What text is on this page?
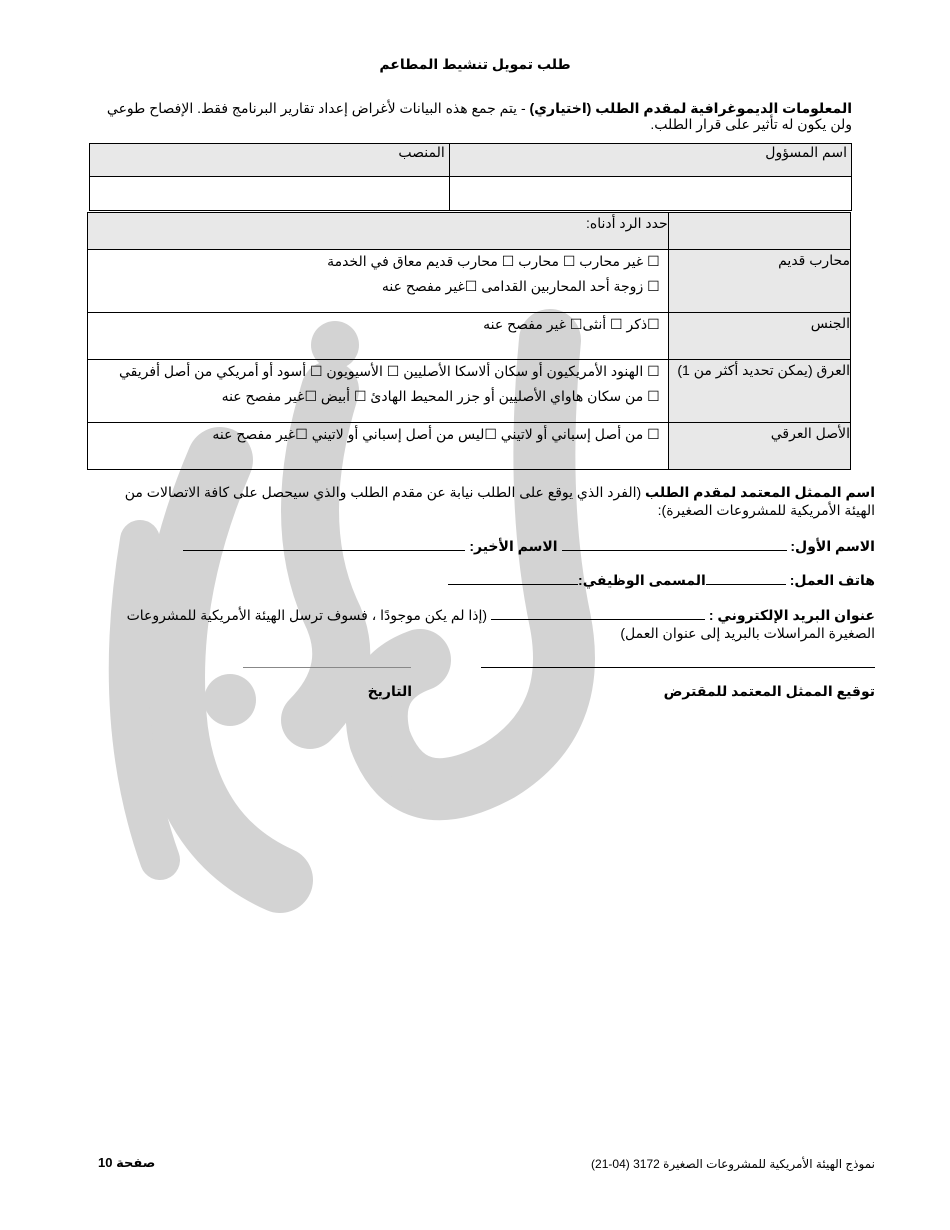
طلب تمويل تنشيط المطاعم
المعلومات الديموغرافية لمقدم الطلب (اختياري) - يتم جمع هذه البيانات لأغراض إعداد تقارير البرنامج فقط. الإفصاح طوعي ولن يكون له تأثير على قرار الطلب.
اسم المسؤول	المنصب

	حدد الرد أدناه:
محارب قديم	☐ غير محارب ☐ محارب ☐ محارب قديم معاق في الخدمة
☐ زوجة أحد المحاربين القدامى ☐غير مفصح عنه

الجنس	☐ذكر ☐ أنثى☐ غير مفصح عنه

العرق (يمكن تحديد أكثر من 1)	☐ الهنود الأمريكيون أو سكان ألاسكا الأصليين ☐ الأسيويون ☐ أسود أو أمريكي من أصل أفريقي
☐ من سكان هاواي الأصليين أو جزر المحيط الهادئ ☐ أبيض ☐غير مفصح عنه

الأصل العرقي	☐ من أصل إسباني أو لاتيني ☐ليس من أصل إسباني أو لاتيني ☐غير مفصح عنه
اسم الممثل المعتمد لمقدم الطلب (الفرد الذي يوقع على الطلب نيابة عن مقدم الطلب والذي سيحصل على كافة الاتصالات من الهيئة الأمريكية للمشروعات الصغيرة):
الاسم الأول:  الاسم الأخير:
هاتف العمل: المسمى الوظيفي:
عنوان البريد الإلكتروني :  (إذا لم يكن موجودًا ، فسوف ترسل الهيئة الأمريكية للمشروعات الصغيرة المراسلات بالبريد إلى عنوان العمل)
توقيع الممثل المعتمد للمقترض
التاريخ
نموذج الهيئة الأمريكية للمشروعات الصغيرة 3172 (04-21)
صفحة 10
